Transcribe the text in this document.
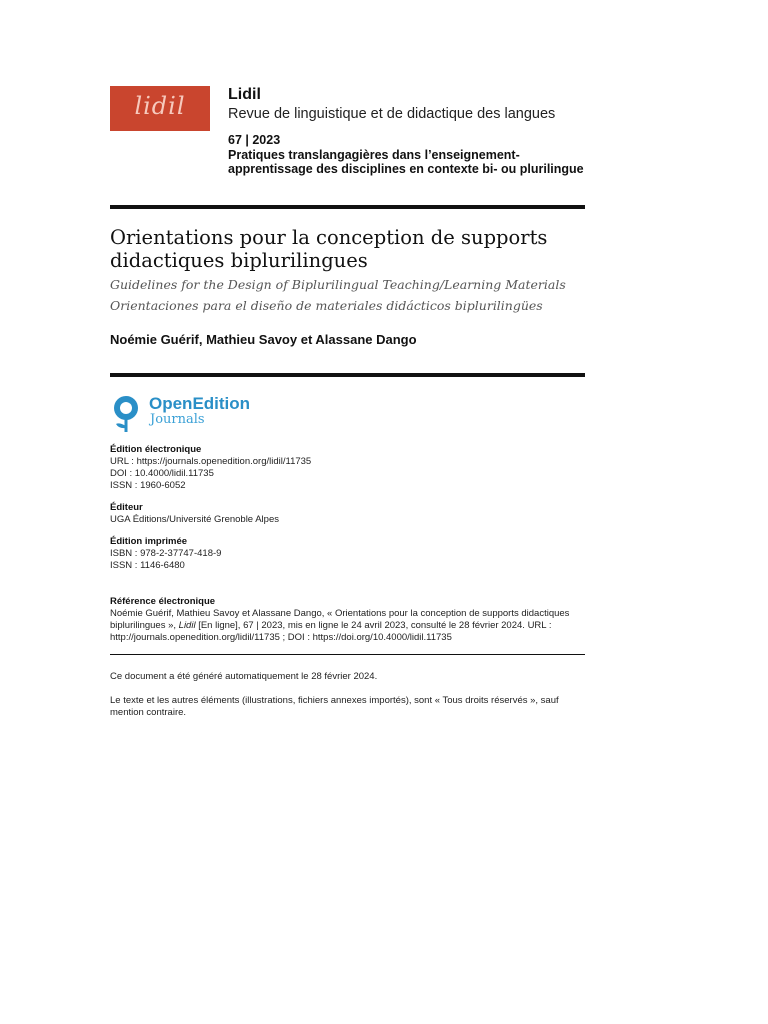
lidil	Lidil
Revue de linguistique et de didactique des langues
67 | 2023
Pratiques translangagières dans l’enseignement-apprentissage des disciplines en contexte bi- ou plurilingue
Orientations pour la conception de supports didactiques biplurilingues
Guidelines for the Design of Biplurilingual Teaching/Learning Materials
Orientaciones para el diseño de materiales didácticos biplurilingües
Noémie Guérif, Mathieu Savoy et Alassane Dango
OpenEdition
Journals
Édition électronique
URL : https://journals.openedition.org/lidil/11735
DOI : 10.4000/lidil.11735
ISSN : 1960-6052
Éditeur
UGA Éditions/Université Grenoble Alpes
Édition imprimée
ISBN : 978-2-37747-418-9
ISSN : 1146-6480
Référence électronique
Noémie Guérif, Mathieu Savoy et Alassane Dango, « Orientations pour la conception de supports didactiques biplurilingues », Lidil [En ligne], 67 | 2023, mis en ligne le 24 avril 2023, consulté le 28 février 2024. URL : http://journals.openedition.org/lidil/11735 ; DOI : https://doi.org/10.4000/lidil.11735
Ce document a été généré automatiquement le 28 février 2024.
Le texte et les autres éléments (illustrations, fichiers annexes importés), sont « Tous droits réservés », sauf mention contraire.
